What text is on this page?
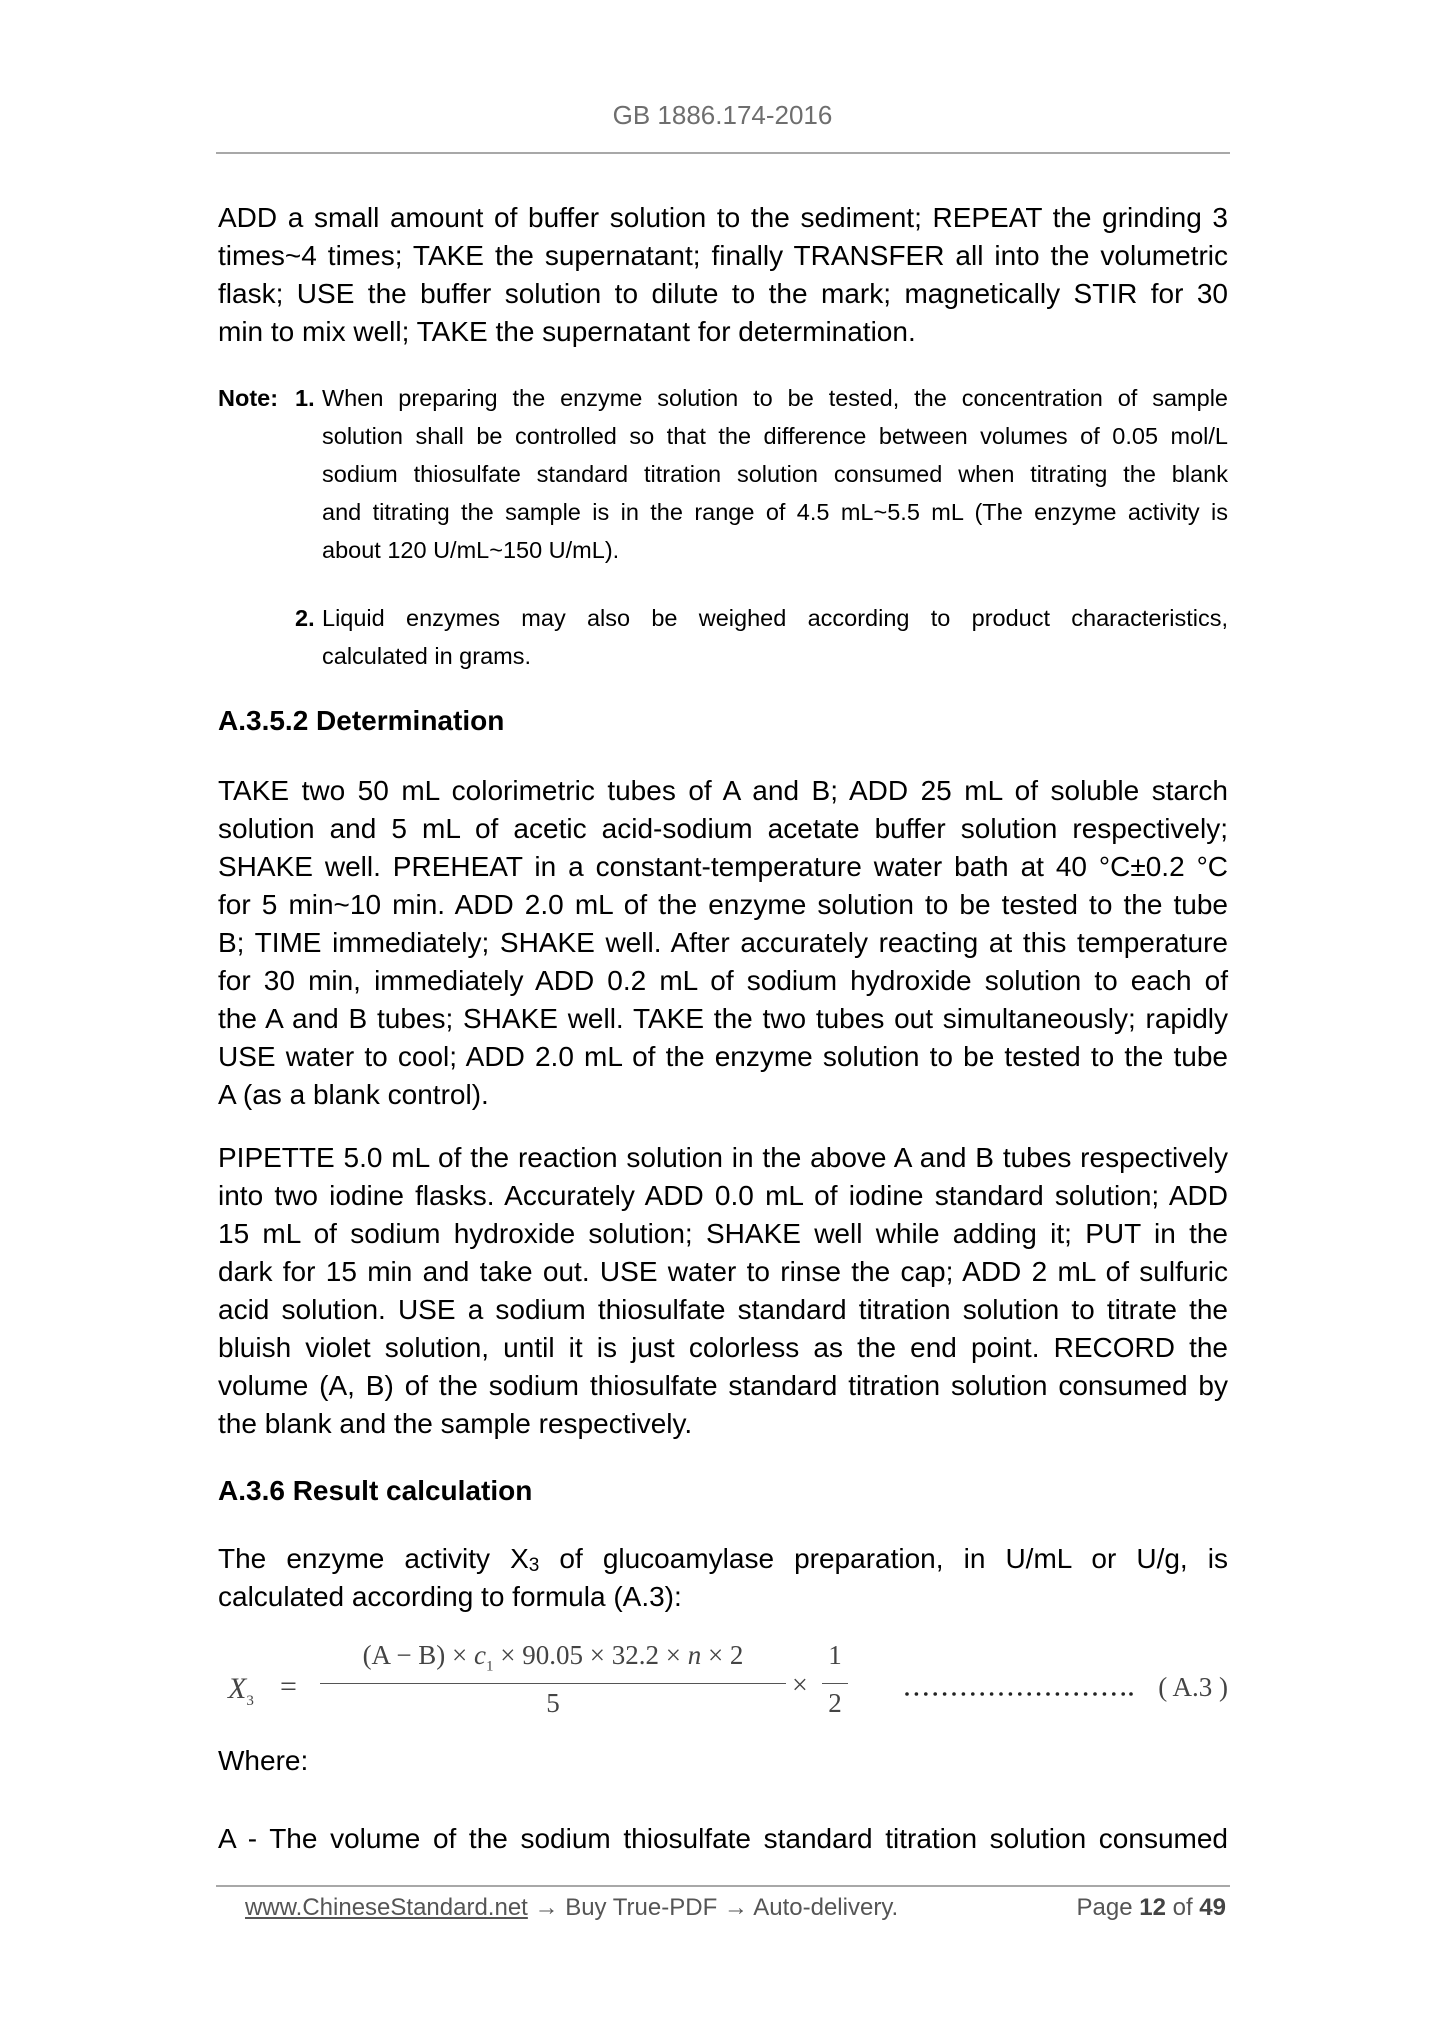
GB 1886.174-2016
ADD a small amount of buffer solution to the sediment; REPEAT the grinding 3
times~4 times; TAKE the supernatant; finally TRANSFER all into the volumetric
flask; USE the buffer solution to dilute to the mark; magnetically STIR for 30
min to mix well; TAKE the supernatant for determination.
Note: 1. When preparing the enzyme solution to be tested, the concentration of sample
solution shall be controlled so that the difference between volumes of 0.05 mol/L
sodium thiosulfate standard titration solution consumed when titrating the blank
and titrating the sample is in the range of 4.5 mL~5.5 mL (The enzyme activity is
about 120 U/mL~150 U/mL).
2. Liquid enzymes may also be weighed according to product characteristics,
calculated in grams.
A.3.5.2 Determination
TAKE two 50 mL colorimetric tubes of A and B; ADD 25 mL of soluble starch
solution and 5 mL of acetic acid-sodium acetate buffer solution respectively;
SHAKE well. PREHEAT in a constant-temperature water bath at 40 °C±0.2 °C
for 5 min~10 min. ADD 2.0 mL of the enzyme solution to be tested to the tube
B; TIME immediately; SHAKE well. After accurately reacting at this temperature
for 30 min, immediately ADD 0.2 mL of sodium hydroxide solution to each of
the A and B tubes; SHAKE well. TAKE the two tubes out simultaneously; rapidly
USE water to cool; ADD 2.0 mL of the enzyme solution to be tested to the tube
A (as a blank control).
PIPETTE 5.0 mL of the reaction solution in the above A and B tubes respectively
into two iodine flasks. Accurately ADD 0.0 mL of iodine standard solution; ADD
15 mL of sodium hydroxide solution; SHAKE well while adding it; PUT in the
dark for 15 min and take out. USE water to rinse the cap; ADD 2 mL of sulfuric
acid solution. USE a sodium thiosulfate standard titration solution to titrate the
bluish violet solution, until it is just colorless as the end point. RECORD the
volume (A, B) of the sodium thiosulfate standard titration solution consumed by
the blank and the sample respectively.
A.3.6 Result calculation
The enzyme activity $X_3$ of glucoamylase preparation, in U/mL or U/g, is
calculated according to formula (A.3):
$X_3$ =
$(A - B) \times c_1 \times 90.05 \times 32.2 \times n \times 2$
5
×
1
2
( A.3 )
Where:
A - The volume of the sodium thiosulfate standard titration solution consumed
www.ChineseStandard.net → Buy True-PDF → Auto-delivery.	Page 12 of 49
